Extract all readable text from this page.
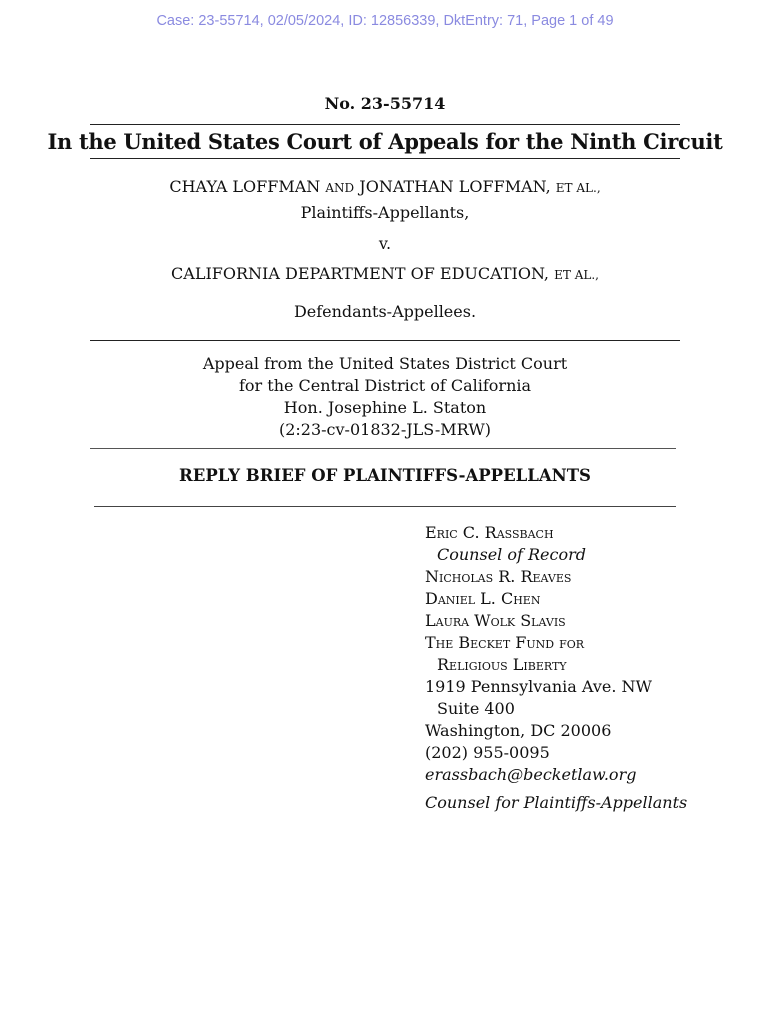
Case: 23-55714, 02/05/2024, ID: 12856339, DktEntry: 71, Page 1 of 49
No. 23-55714
In the United States Court of Appeals for the Ninth Circuit
CHAYA LOFFMAN AND JONATHAN LOFFMAN, ET AL.,
Plaintiffs-Appellants,
v.
CALIFORNIA DEPARTMENT OF EDUCATION, ET AL.,
Defendants-Appellees.
Appeal from the United States District Court
for the Central District of California
Hon. Josephine L. Staton
(2:23-cv-01832-JLS-MRW)
REPLY BRIEF OF PLAINTIFFS-APPELLANTS
Eric C. Rassbach
Counsel of Record
Nicholas R. Reaves
Daniel L. Chen
Laura Wolk Slavis
The Becket Fund for
Religious Liberty
1919 Pennsylvania Ave. NW
Suite 400
Washington, DC 20006
(202) 955-0095
erassbach@becketlaw.org
Counsel for Plaintiffs-Appellants
